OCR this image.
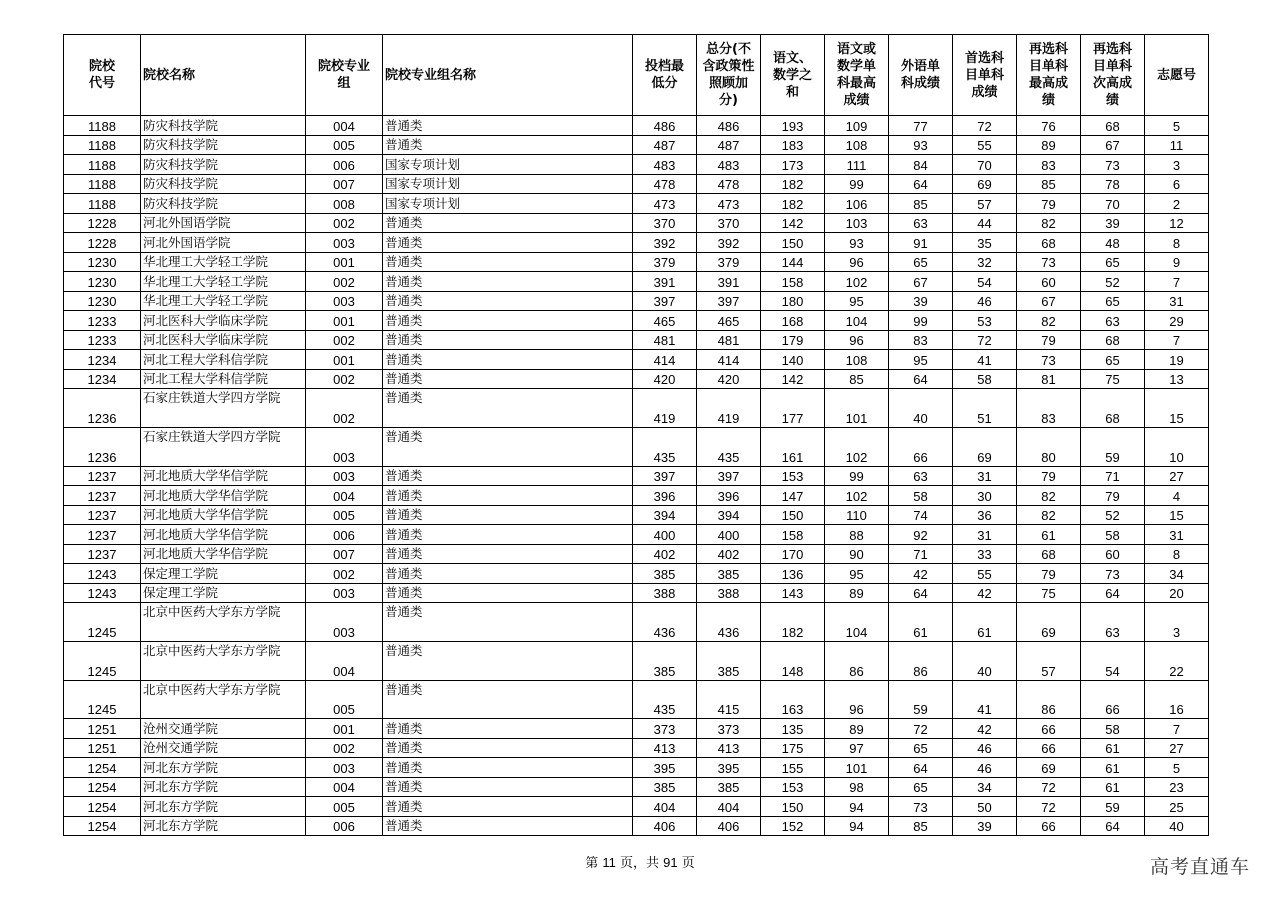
院校代号	院校名称	院校专业组	院校专业组名称	投档最低分	总分(不含政策性照顾加分)	语文、数学之和	语文或数学单科最高成绩	外语单科成绩	首选科目单科成绩	再选科目单科最高成绩	再选科目单科次高成绩	志愿号
1188	防灾科技学院	004	普通类	486	486	193	109	77	72	76	68	5
1188	防灾科技学院	005	普通类	487	487	183	108	93	55	89	67	11
1188	防灾科技学院	006	国家专项计划	483	483	173	111	84	70	83	73	3
1188	防灾科技学院	007	国家专项计划	478	478	182	99	64	69	85	78	6
1188	防灾科技学院	008	国家专项计划	473	473	182	106	85	57	79	70	2
1228	河北外国语学院	002	普通类	370	370	142	103	63	44	82	39	12
1228	河北外国语学院	003	普通类	392	392	150	93	91	35	68	48	8
1230	华北理工大学轻工学院	001	普通类	379	379	144	96	65	32	73	65	9
1230	华北理工大学轻工学院	002	普通类	391	391	158	102	67	54	60	52	7
1230	华北理工大学轻工学院	003	普通类	397	397	180	95	39	46	67	65	31
1233	河北医科大学临床学院	001	普通类	465	465	168	104	99	53	82	63	29
1233	河北医科大学临床学院	002	普通类	481	481	179	96	83	72	79	68	7
1234	河北工程大学科信学院	001	普通类	414	414	140	108	95	41	73	65	19
1234	河北工程大学科信学院	002	普通类	420	420	142	85	64	58	81	75	13
1236	石家庄铁道大学四方学院	002	普通类	419	419	177	101	40	51	83	68	15
1236	石家庄铁道大学四方学院	003	普通类	435	435	161	102	66	69	80	59	10
1237	河北地质大学华信学院	003	普通类	397	397	153	99	63	31	79	71	27
1237	河北地质大学华信学院	004	普通类	396	396	147	102	58	30	82	79	4
1237	河北地质大学华信学院	005	普通类	394	394	150	110	74	36	82	52	15
1237	河北地质大学华信学院	006	普通类	400	400	158	88	92	31	61	58	31
1237	河北地质大学华信学院	007	普通类	402	402	170	90	71	33	68	60	8
1243	保定理工学院	002	普通类	385	385	136	95	42	55	79	73	34
1243	保定理工学院	003	普通类	388	388	143	89	64	42	75	64	20
1245	北京中医药大学东方学院	003	普通类	436	436	182	104	61	61	69	63	3
1245	北京中医药大学东方学院	004	普通类	385	385	148	86	86	40	57	54	22
1245	北京中医药大学东方学院	005	普通类	435	415	163	96	59	41	86	66	16
1251	沧州交通学院	001	普通类	373	373	135	89	72	42	66	58	7
1251	沧州交通学院	002	普通类	413	413	175	97	65	46	66	61	27
1254	河北东方学院	003	普通类	395	395	155	101	64	46	69	61	5
1254	河北东方学院	004	普通类	385	385	153	98	65	34	72	61	23
1254	河北东方学院	005	普通类	404	404	150	94	73	50	72	59	25
1254	河北东方学院	006	普通类	406	406	152	94	85	39	66	64	40
第 11 页，共 91 页	高考直通车
